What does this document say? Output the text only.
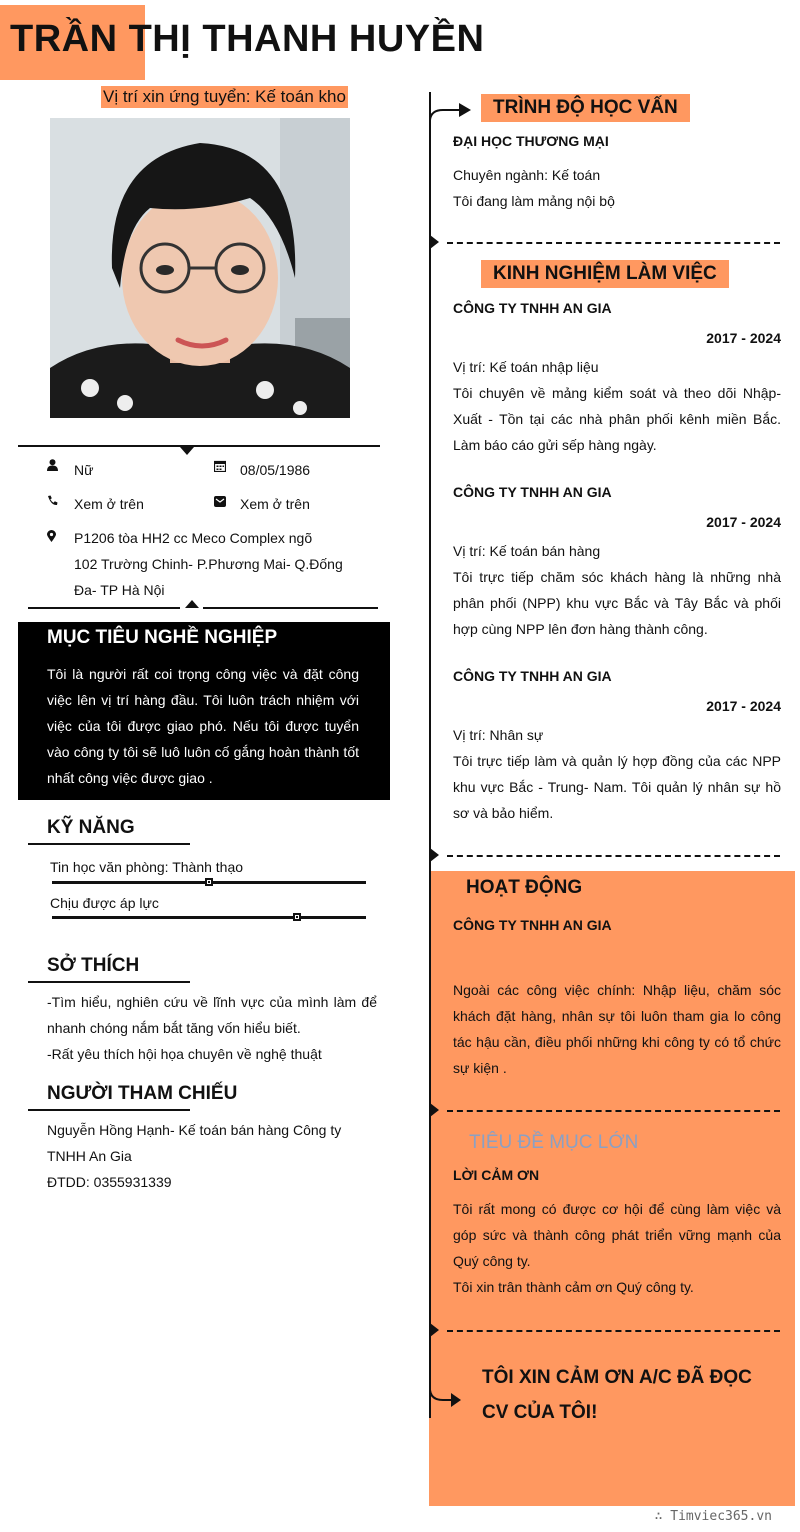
TRẦN THỊ THANH HUYỀN
Vị trí xin ứng tuyển: Kế toán kho
Nữ	08/05/1986
Xem ở trên	Xem ở trên
P1206 tòa HH2 cc Meco Complex ngõ
102 Trường Chinh- P.Phương Mai- Q.Đống
Đa- TP Hà Nội
MỤC TIÊU NGHỀ NGHIỆP
Tôi là người rất coi trọng công việc và đặt công việc lên vị trí hàng đầu. Tôi luôn trách nhiệm với việc của tôi được giao phó. Nếu tôi được tuyển vào công ty tôi sẽ luô luôn cố gắng hoàn thành tốt nhất công việc được giao .
KỸ NĂNG
Tin học văn phòng: Thành thạo
Chịu được áp lực
SỞ THÍCH
-Tìm hiểu, nghiên cứu về lĩnh vực của mình làm để nhanh chóng nắm bắt tăng vốn hiểu biết.
-Rất yêu thích hội họa chuyên về nghệ thuật
NGƯỜI THAM CHIẾU
Nguyễn Hồng Hạnh- Kế toán bán hàng Công ty TNHH An Gia
ĐTDD: 0355931339
TRÌNH ĐỘ HỌC VẤN
ĐẠI HỌC THƯƠNG MẠI
Chuyên ngành: Kế toán
Tôi đang làm mảng nội bộ
KINH NGHIỆM LÀM VIỆC
CÔNG TY TNHH AN GIA
2017 - 2024
Vị trí: Kế toán nhập liệu
Tôi chuyên về mảng kiểm soát và theo dõi Nhập-Xuất - Tồn tại các nhà phân phối kênh miền Bắc. Làm báo cáo gửi sếp hàng ngày.
CÔNG TY TNHH AN GIA
2017 - 2024
Vị trí: Kế toán bán hàng
Tôi trực tiếp chăm sóc khách hàng là những nhà phân phối (NPP) khu vực Bắc và Tây Bắc và phối hợp cùng NPP lên đơn hàng thành công.
CÔNG TY TNHH AN GIA
2017 - 2024
Vị trí: Nhân sự
Tôi trực tiếp làm và quản lý hợp đồng của các NPP khu vực Bắc - Trung- Nam. Tôi quản lý nhân sự hồ sơ và bảo hiểm.
HOẠT ĐỘNG
CÔNG TY TNHH AN GIA
Ngoài các công việc chính: Nhập liệu, chăm sóc khách đặt hàng, nhân sự tôi luôn tham gia lo công tác hậu cần, điều phối những khi công ty có tổ chức sự kiện .
TIÊU ĐỀ MỤC LỚN
LỜI CẢM ƠN
Tôi rất mong có được cơ hội để cùng làm việc và góp sức và thành công phát triển vững mạnh của Quý công ty.
Tôi xin trân thành cảm ơn Quý công ty.
TÔI XIN CẢM ƠN A/C ĐÃ ĐỌC
CV CỦA TÔI!
∴ Timviec365.vn
